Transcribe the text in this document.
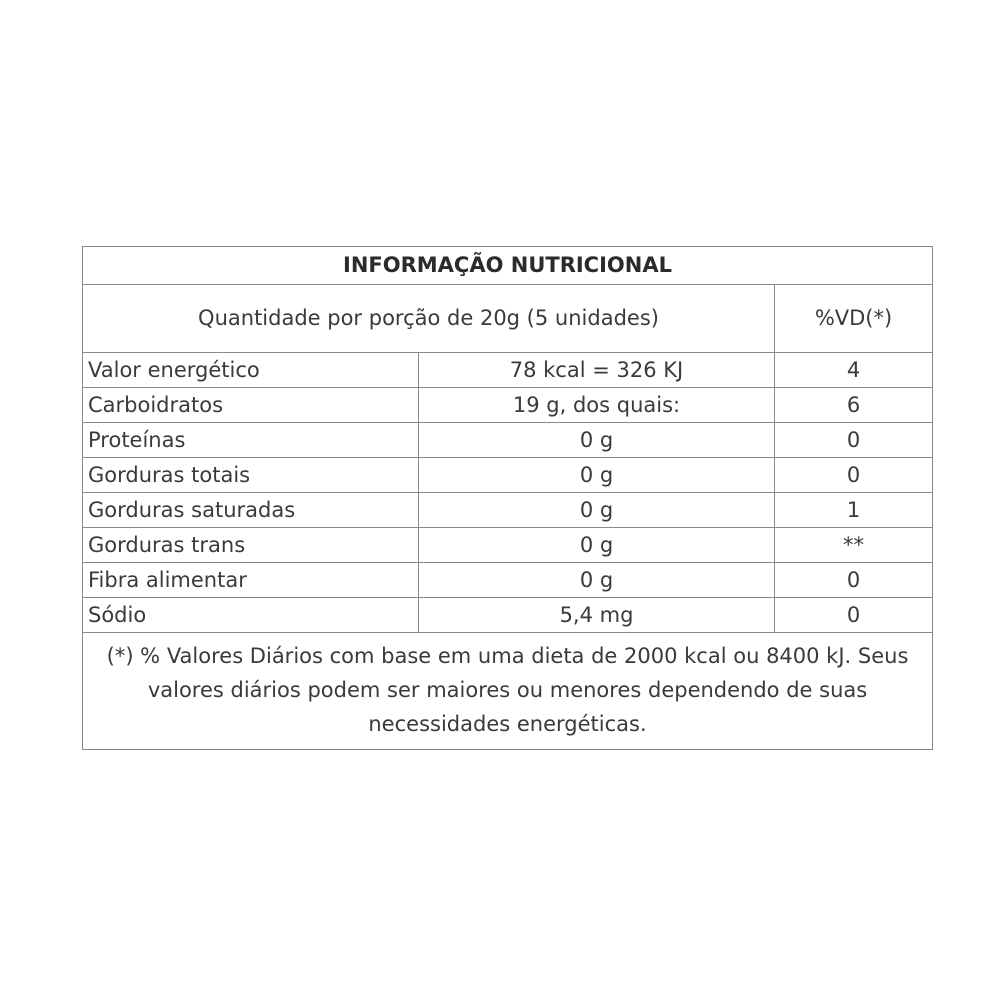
INFORMAÇÃO NUTRICIONAL		
Quantidade por porção de 20g (5 unidades)		%VD(*)
Valor energético	78 kcal = 326 KJ	4
Carboidratos	19 g, dos quais:	6
Proteínas	0 g	0
Gorduras totais	0 g	0
Gorduras saturadas	0 g	1
Gorduras trans	0 g	**
Fibra alimentar	0 g	0
Sódio	5,4 mg	0
(*) % Valores Diários com base em uma dieta de 2000 kcal ou 8400 kJ. Seus valores diários podem ser maiores ou menores dependendo de suas necessidades energéticas.		
